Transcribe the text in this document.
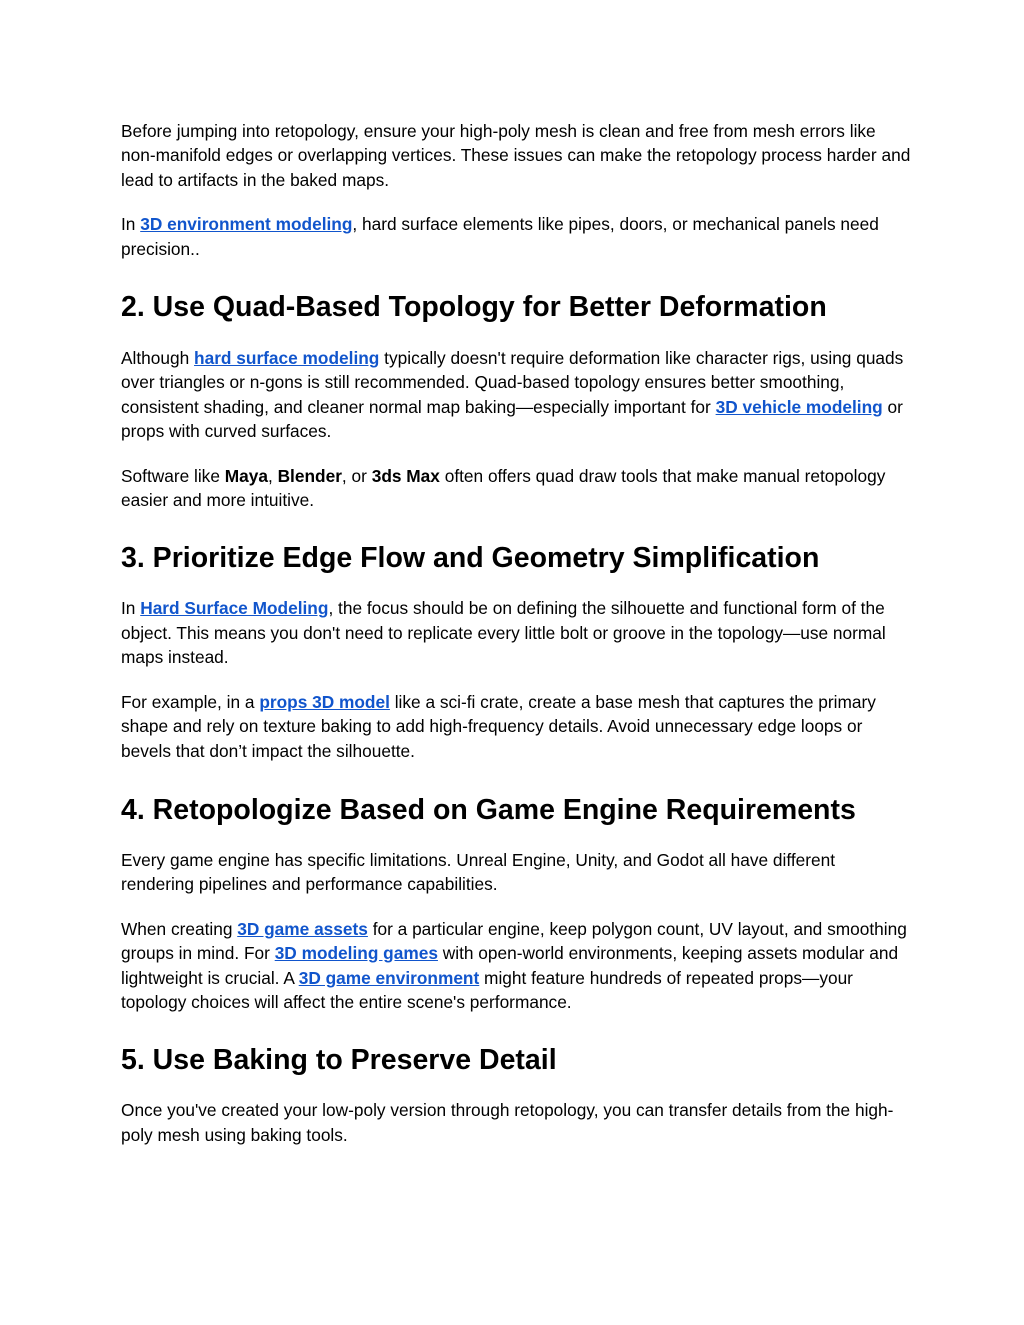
Before jumping into retopology, ensure your high-poly mesh is clean and free from mesh errors like non-manifold edges or overlapping vertices. These issues can make the retopology process harder and lead to artifacts in the baked maps.

In 3D environment modeling, hard surface elements like pipes, doors, or mechanical panels need precision..

2. Use Quad-Based Topology for Better Deformation

Although hard surface modeling typically doesn't require deformation like character rigs, using quads over triangles or n-gons is still recommended. Quad-based topology ensures better smoothing, consistent shading, and cleaner normal map baking—especially important for 3D vehicle modeling or props with curved surfaces.

Software like Maya, Blender, or 3ds Max often offers quad draw tools that make manual retopology easier and more intuitive.

3. Prioritize Edge Flow and Geometry Simplification

In Hard Surface Modeling, the focus should be on defining the silhouette and functional form of the object. This means you don't need to replicate every little bolt or groove in the topology—use normal maps instead.

For example, in a props 3D model like a sci-fi crate, create a base mesh that captures the primary shape and rely on texture baking to add high-frequency details. Avoid unnecessary edge loops or bevels that don’t impact the silhouette.

4. Retopologize Based on Game Engine Requirements

Every game engine has specific limitations. Unreal Engine, Unity, and Godot all have different rendering pipelines and performance capabilities.

When creating 3D game assets for a particular engine, keep polygon count, UV layout, and smoothing groups in mind. For 3D modeling games with open-world environments, keeping assets modular and lightweight is crucial. A 3D game environment might feature hundreds of repeated props—your topology choices will affect the entire scene's performance.

5. Use Baking to Preserve Detail

Once you've created your low-poly version through retopology, you can transfer details from the high-poly mesh using baking tools.
